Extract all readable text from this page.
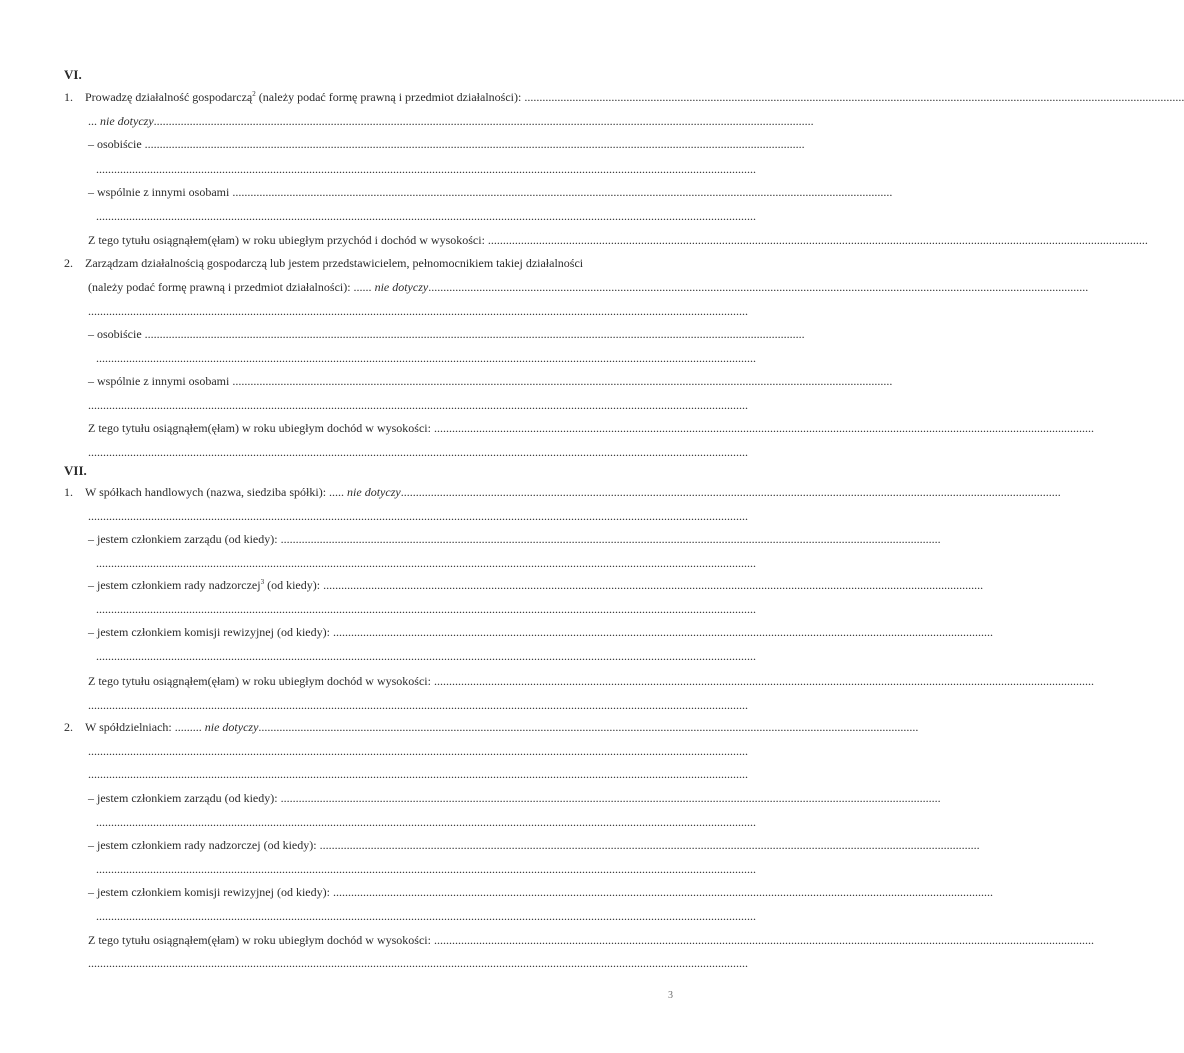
VI.
1. Prowadzę działalność gospodarczą$^2$ (należy podać formę prawną i przedmiot działalności): ............................................................................................................................................................................................................................
... nie dotyczy............................................................................................................................................................................................................................
– osobiście ............................................................................................................................................................................................................................
............................................................................................................................................................................................................................
– wspólnie z innymi osobami ............................................................................................................................................................................................................................
............................................................................................................................................................................................................................
Z tego tytułu osiągnąłem(ęłam) w roku ubiegłym przychód i dochód w wysokości: ............................................................................................................................................................................................................................
2. Zarządzam działalnością gospodarczą lub jestem przedstawicielem, pełnomocnikiem takiej działalności
(należy podać formę prawną i przedmiot działalności): ...... nie dotyczy............................................................................................................................................................................................................................
............................................................................................................................................................................................................................
– osobiście ............................................................................................................................................................................................................................
............................................................................................................................................................................................................................
– wspólnie z innymi osobami ............................................................................................................................................................................................................................
............................................................................................................................................................................................................................
Z tego tytułu osiągnąłem(ęłam) w roku ubiegłym dochód w wysokości: ............................................................................................................................................................................................................................
............................................................................................................................................................................................................................
VII.
1. W spółkach handlowych (nazwa, siedziba spółki): ..... nie dotyczy............................................................................................................................................................................................................................
............................................................................................................................................................................................................................
– jestem członkiem zarządu (od kiedy): ............................................................................................................................................................................................................................
............................................................................................................................................................................................................................
– jestem członkiem rady nadzorczej$^3$ (od kiedy): ............................................................................................................................................................................................................................
............................................................................................................................................................................................................................
– jestem członkiem komisji rewizyjnej (od kiedy): ............................................................................................................................................................................................................................
............................................................................................................................................................................................................................
Z tego tytułu osiągnąłem(ęłam) w roku ubiegłym dochód w wysokości: ............................................................................................................................................................................................................................
............................................................................................................................................................................................................................
2. W spółdzielniach: ......... nie dotyczy............................................................................................................................................................................................................................
............................................................................................................................................................................................................................
............................................................................................................................................................................................................................
– jestem członkiem zarządu (od kiedy): ............................................................................................................................................................................................................................
............................................................................................................................................................................................................................
– jestem członkiem rady nadzorczej (od kiedy): ............................................................................................................................................................................................................................
............................................................................................................................................................................................................................
– jestem członkiem komisji rewizyjnej (od kiedy): ............................................................................................................................................................................................................................
............................................................................................................................................................................................................................
Z tego tytułu osiągnąłem(ęłam) w roku ubiegłym dochód w wysokości: ............................................................................................................................................................................................................................
............................................................................................................................................................................................................................
3
